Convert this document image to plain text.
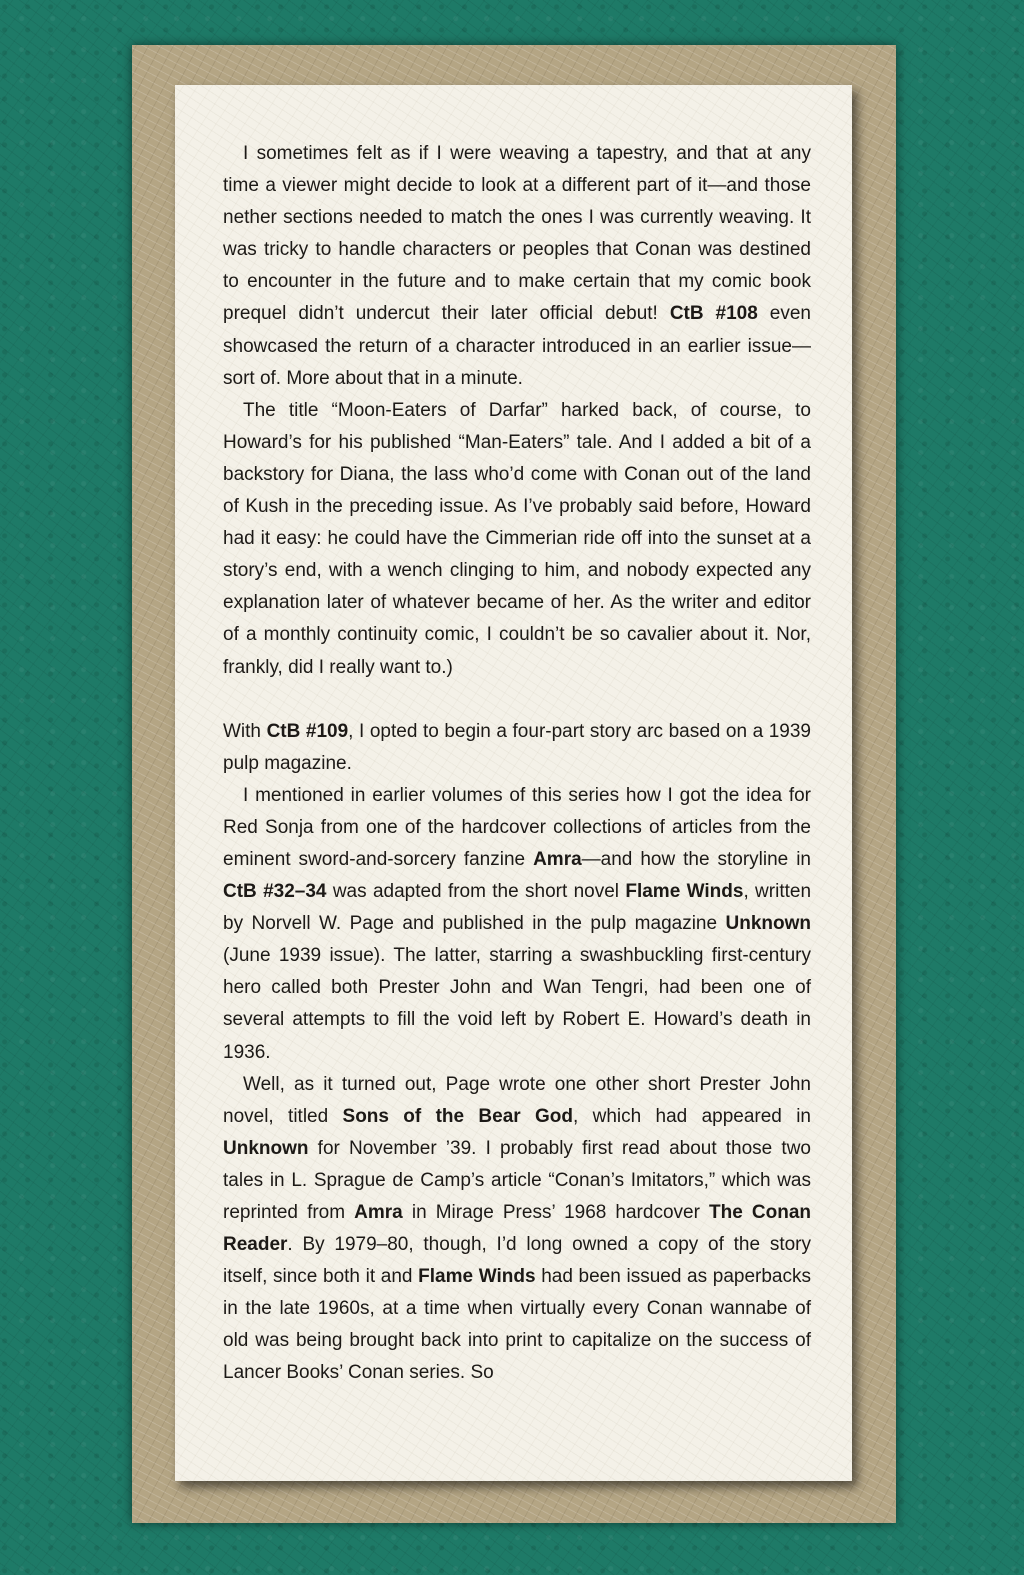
I sometimes felt as if I were weaving a tapestry, and that at any time a viewer might decide to look at a different part of it—and those nether sections needed to match the ones I was currently weaving. It was tricky to handle characters or peoples that Conan was destined to encounter in the future and to make certain that my comic book prequel didn’t undercut their later official debut! CtB #108 even showcased the return of a character introduced in an earlier issue—sort of. More about that in a minute.

The title “Moon-Eaters of Darfar” harked back, of course, to Howard’s for his published “Man-Eaters” tale. And I added a bit of a backstory for Diana, the lass who’d come with Conan out of the land of Kush in the preceding issue. As I’ve probably said before, Howard had it easy: he could have the Cimmerian ride off into the sunset at a story’s end, with a wench clinging to him, and nobody expected any explanation later of whatever became of her. As the writer and editor of a monthly continuity comic, I couldn’t be so cavalier about it. Nor, frankly, did I really want to.)

With CtB #109, I opted to begin a four-part story arc based on a 1939 pulp magazine.

I mentioned in earlier volumes of this series how I got the idea for Red Sonja from one of the hardcover collections of articles from the eminent sword-and-sorcery fanzine Amra—and how the storyline in CtB #32–34 was adapted from the short novel Flame Winds, written by Norvell W. Page and published in the pulp magazine Unknown (June 1939 issue). The latter, starring a swashbuckling first-century hero called both Prester John and Wan Tengri, had been one of several attempts to fill the void left by Robert E. Howard’s death in 1936.

Well, as it turned out, Page wrote one other short Prester John novel, titled Sons of the Bear God, which had appeared in Unknown for November ’39. I probably first read about those two tales in L. Sprague de Camp’s article “Conan’s Imitators,” which was reprinted from Amra in Mirage Press’ 1968 hardcover The Conan Reader. By 1979–80, though, I’d long owned a copy of the story itself, since both it and Flame Winds had been issued as paperbacks in the late 1960s, at a time when virtually every Conan wannabe of old was being brought back into print to capitalize on the success of Lancer Books’ Conan series. So
